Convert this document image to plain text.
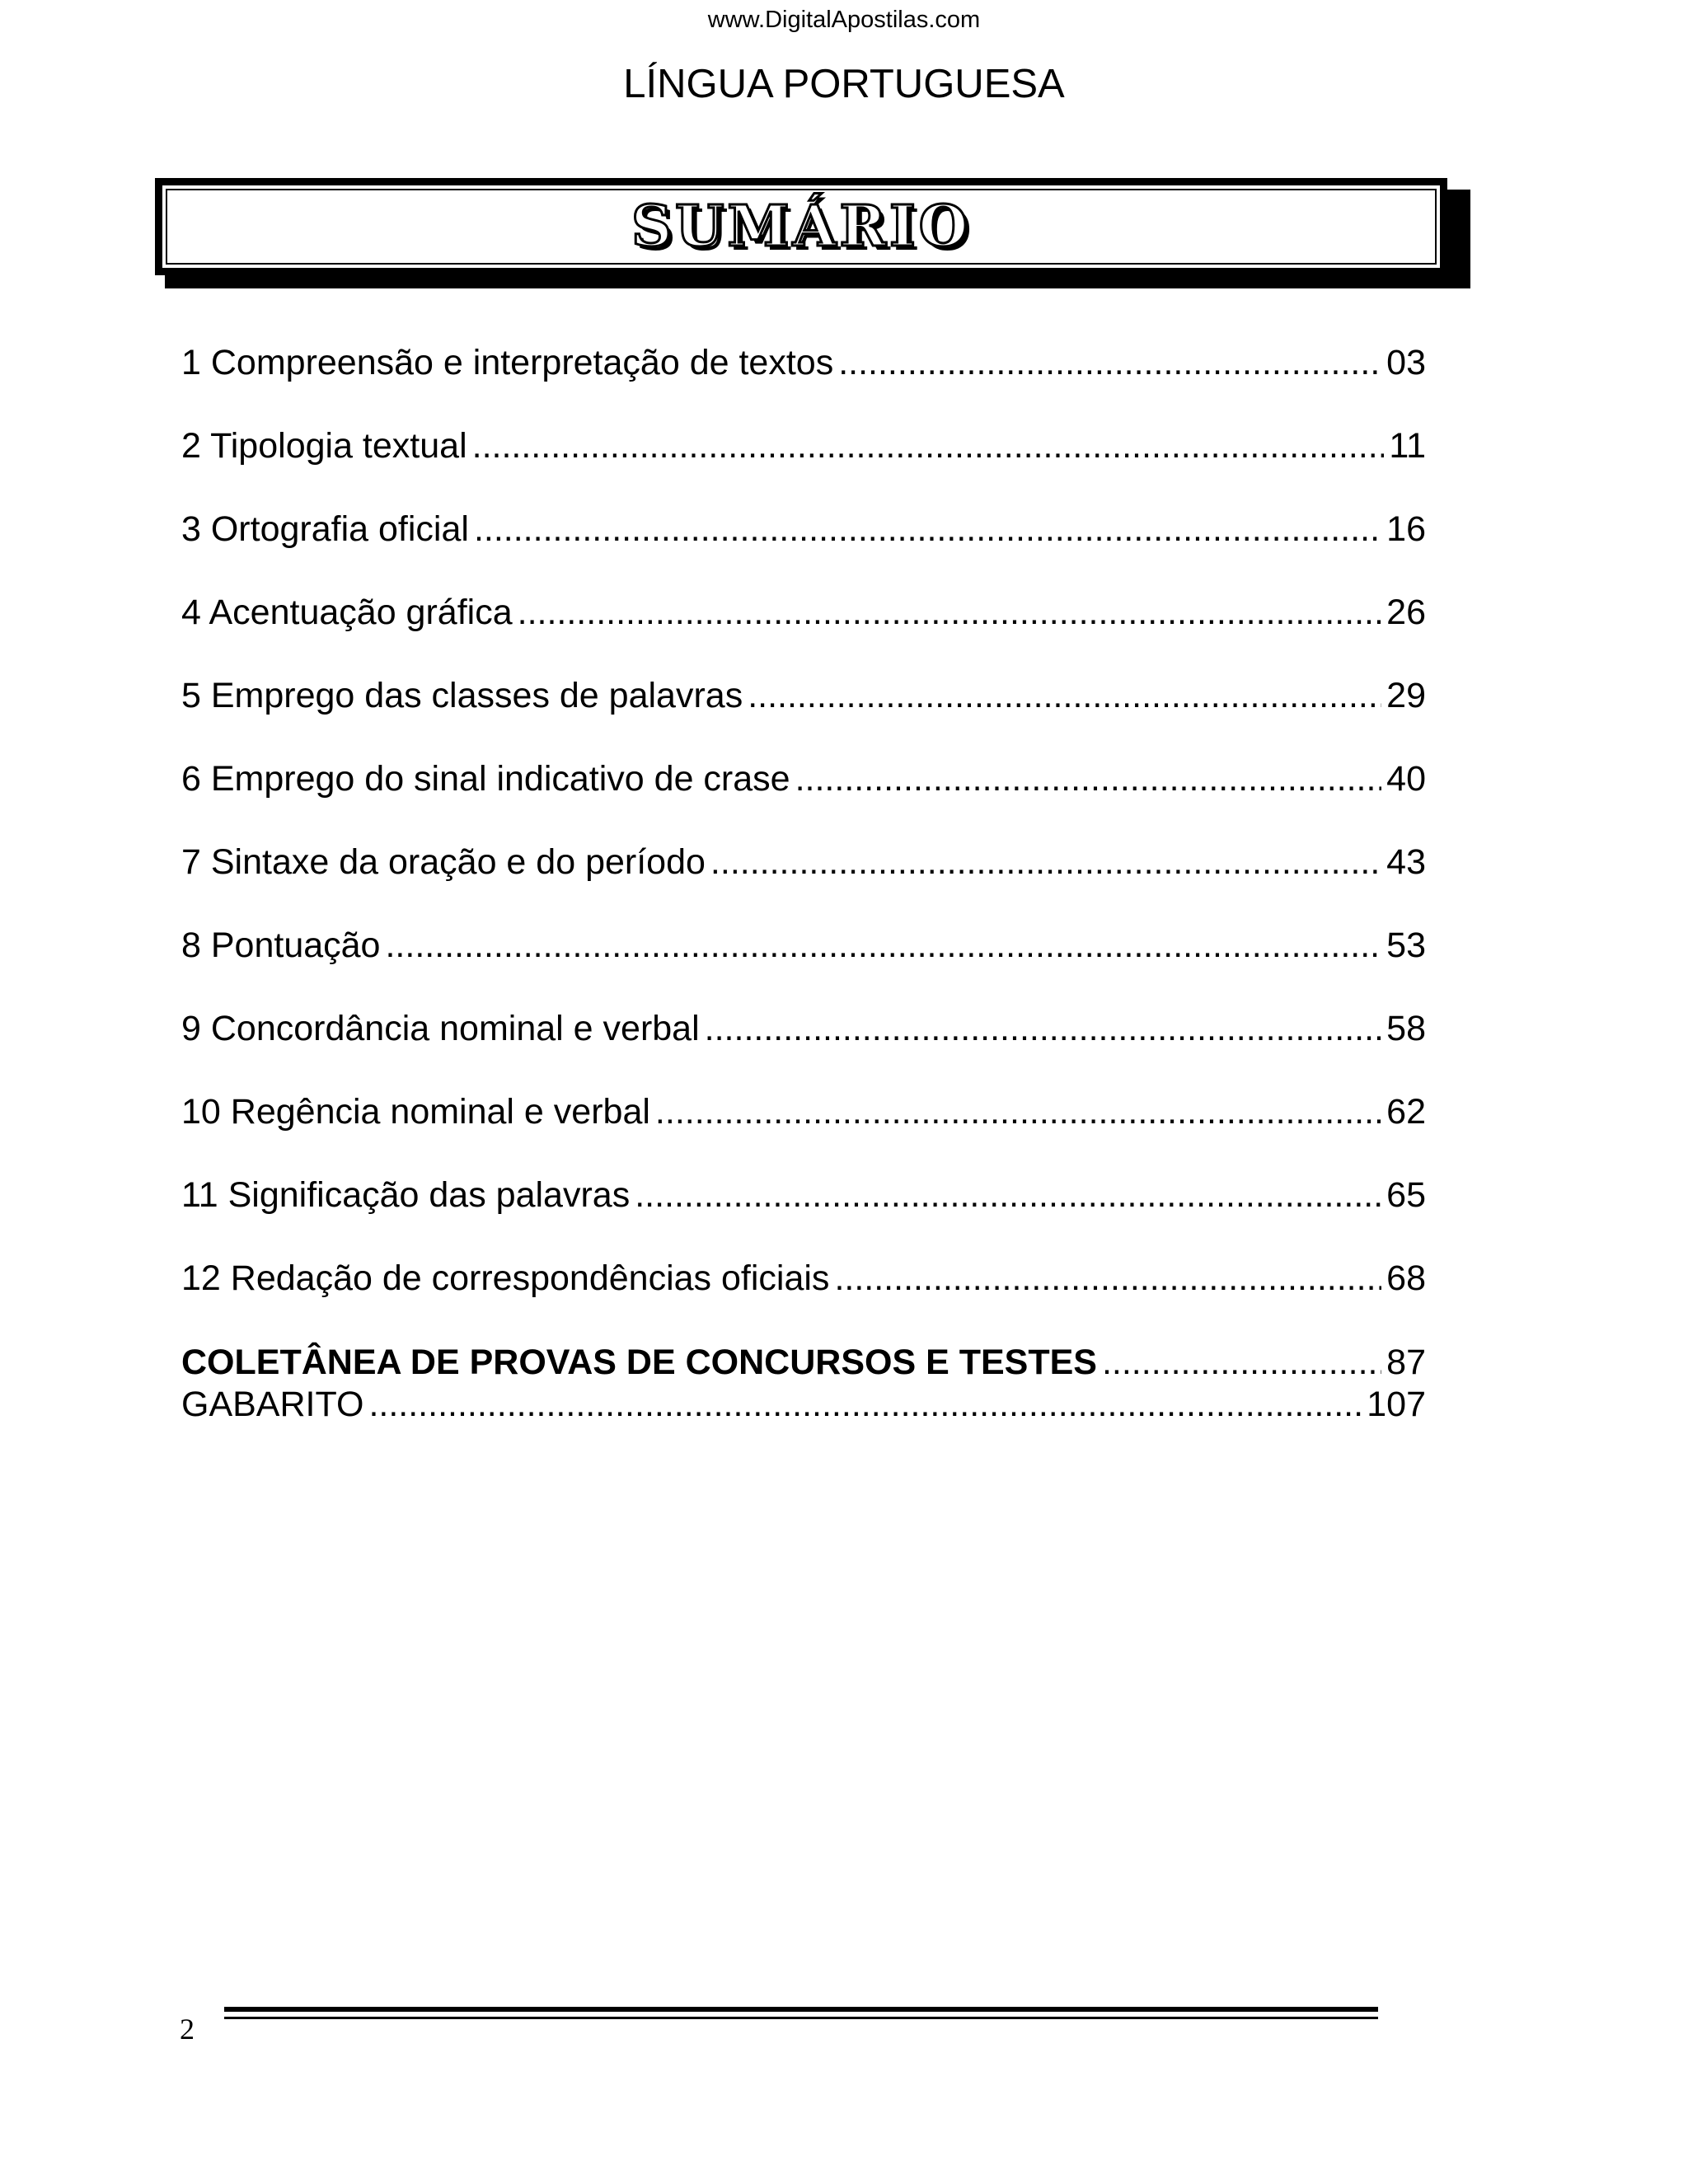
www.DigitalApostilas.com
LÍNGUA PORTUGUESA
SUMÁRIO
1 Compreensão e interpretação de textos .....	03
2 Tipologia textual .....	11
3 Ortografia oficial .....	16
4 Acentuação gráfica .....	26
5 Emprego das classes de palavras .....	29
6 Emprego do sinal indicativo de crase .....	40
7 Sintaxe da oração e do período .....	43
8 Pontuação .....	53
9 Concordância nominal e verbal .....	58
10 Regência nominal e verbal .....	62
11 Significação das palavras .....	65
12 Redação de correspondências oficiais .....	68
COLETÂNEA DE PROVAS DE CONCURSOS E TESTES .....	87
GABARITO .....	107
2
